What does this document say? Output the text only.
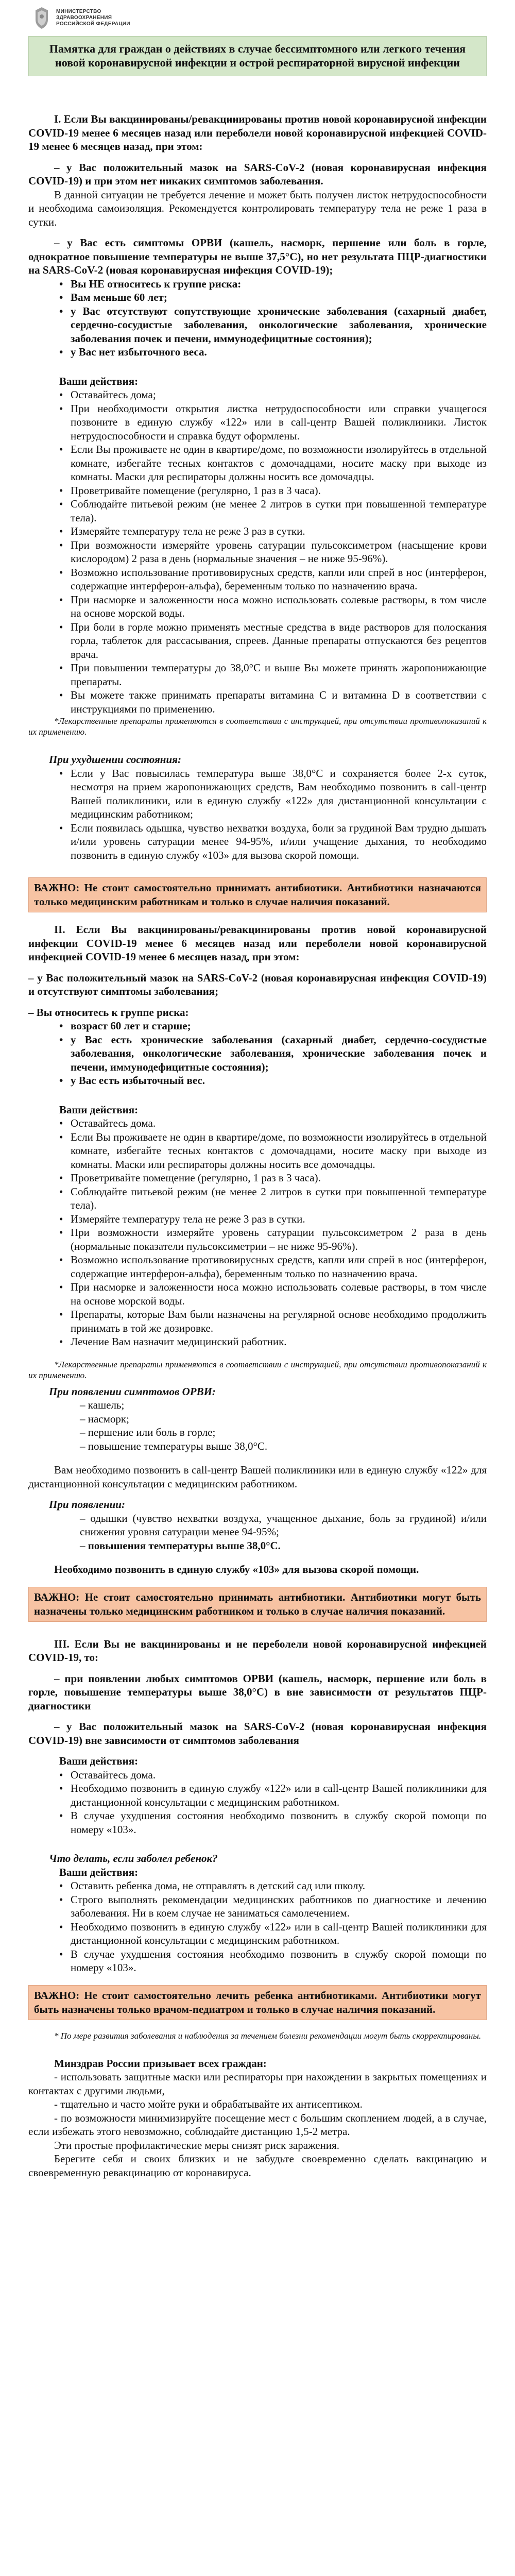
МИНИСТЕРСТВО
ЗДРАВООХРАНЕНИЯ
РОССИЙСКОЙ ФЕДЕРАЦИИ
Памятка для граждан о действиях в случае бессимптомного или легкого течения новой коронавирусной инфекции и острой респираторной вирусной инфекции

I. Если Вы вакцинированы/ревакцинированы против новой коронавирусной инфекции COVID-19 менее 6 месяцев назад или переболели новой коронавирусной инфекцией COVID-19 менее 6 месяцев назад, при этом:

– у Вас положительный мазок на SARS-CoV-2 (новая коронавирусная инфекция COVID-19) и при этом нет никаких симптомов заболевания.

В данной ситуации не требуется лечение и может быть получен листок нетрудоспособности и необходима самоизоляция. Рекомендуется контролировать температуру тела не реже 1 раза в сутки.

– у Вас есть симптомы ОРВИ (кашель, насморк, першение или боль в горле, однократное повышение температуры не выше 37,5°С), но нет результата ПЦР-диагностики на SARS-CoV-2 (новая коронавирусная инфекция COVID-19);

• Вы НЕ относитесь к группе риска:
• Вам меньше 60 лет;
• у Вас отсутствуют сопутствующие хронические заболевания (сахарный диабет, сердечно-сосудистые заболевания, онкологические заболевания, хронические заболевания почек и печени, иммунодефицитные состояния);
• у Вас нет избыточного веса.

Ваши действия:

• Оставайтесь дома;
• При необходимости открытия листка нетрудоспособности или справки учащегося позвоните в единую службу «122» или в call-центр Вашей поликлиники. Листок нетрудоспособности и справка будут оформлены.
• Если Вы проживаете не один в квартире/доме, по возможности изолируйтесь в отдельной комнате, избегайте тесных контактов с домочадцами, носите маску при выходе из комнаты. Маски для респираторы должны носить все домочадцы.
• Проветривайте помещение (регулярно, 1 раз в 3 часа).
• Соблюдайте питьевой режим (не менее 2 литров в сутки при повышенной температуре тела).
• Измеряйте температуру тела не реже 3 раз в сутки.
• При возможности измеряйте уровень сатурации пульсоксиметром (насыщение крови кислородом) 2 раза в день (нормальные значения – не ниже 95-96%).
• Возможно использование противовирусных средств, капли или спрей в нос (интерферон, содержащие интерферон-альфа), беременным только по назначению врача.
• При насморке и заложенности носа можно использовать солевые растворы, в том числе на основе морской воды.
• При боли в горле можно применять местные средства в виде растворов для полоскания горла, таблеток для рассасывания, спреев. Данные препараты отпускаются без рецептов врача.
• При повышении температуры до 38,0°С и выше Вы можете принять жаропонижающие препараты.
• Вы можете также принимать препараты витамина С и витамина D в соответствии с инструкциями по применению.

*Лекарственные препараты применяются в соответствии с инструкцией, при отсутствии противопоказаний к их применению.

При ухудшении состояния:

• Если у Вас повысилась температура выше 38,0°С и сохраняется более 2-х суток, несмотря на прием жаропонижающих средств, Вам необходимо позвонить в call-центр Вашей поликлиники, или в единую службу «122» для дистанционной консультации с медицинским работником;
• Если появилась одышка, чувство нехватки воздуха, боли за грудиной Вам трудно дышать и/или уровень сатурации менее 94-95%, и/или учащение дыхания, то необходимо позвонить в единую службу «103» для вызова скорой помощи.
ВАЖНО: Не стоит самостоятельно принимать антибиотики. Антибиотики назначаются только медицинским работникам и только в случае наличия показаний.

II. Если Вы вакцинированы/ревакцинированы против новой коронавирусной инфекции COVID-19 менее 6 месяцев назад или переболели новой коронавирусной инфекцией COVID-19 менее 6 месяцев назад, при этом:

– у Вас положительный мазок на SARS-CoV-2 (новая коронавирусная инфекция COVID-19) и отсутствуют симптомы заболевания;

– Вы относитесь к группе риска:

• возраст 60 лет и старше;
• у Вас есть хронические заболевания (сахарный диабет, сердечно-сосудистые заболевания, онкологические заболевания, хронические заболевания почек и печени, иммунодефицитные состояния);
• у Вас есть избыточный вес.

Ваши действия:

• Оставайтесь дома.
• Если Вы проживаете не один в квартире/доме, по возможности изолируйтесь в отдельной комнате, избегайте тесных контактов с домочадцами, носите маску при выходе из комнаты. Маски или респираторы должны носить все домочадцы.
• Проветривайте помещение (регулярно, 1 раз в 3 часа).
• Соблюдайте питьевой режим (не менее 2 литров в сутки при повышенной температуре тела).
• Измеряйте температуру тела не реже 3 раз в сутки.
• При возможности измеряйте уровень сатурации пульсоксиметром 2 раза в день (нормальные показатели пульсоксиметрии – не ниже 95-96%).
• Возможно использование противовирусных средств, капли или спрей в нос (интерферон, содержащие интерферон-альфа), беременным только по назначению врача.
• При насморке и заложенности носа можно использовать солевые растворы, в том числе на основе морской воды.
• Препараты, которые Вам были назначены на регулярной основе необходимо продолжить принимать в той же дозировке.
• Лечение Вам назначит медицинский работник.

*Лекарственные препараты применяются в соответствии с инструкцией, при отсутствии противопоказаний к их применению.

При появлении симптомов ОРВИ:

– кашель;
– насморк;
– першение или боль в горле;
– повышение температуры выше 38,0°С.

Вам необходимо позвонить в call-центр Вашей поликлиники или в единую службу «122» для дистанционной консультации с медицинским работником.

При появлении:

– одышки (чувство нехватки воздуха, учащенное дыхание, боль за грудиной) и/или снижения уровня сатурации менее 94-95%;
– повышения температуры выше 38,0°С.

Необходимо позвонить в единую службу «103» для вызова скорой помощи.

ВАЖНО: Не стоит самостоятельно принимать антибиотики. Антибиотики могут быть назначены только медицинским работником и только в случае наличия показаний.

III. Если Вы не вакцинированы и не переболели новой коронавирусной инфекцией COVID-19, то:

– при появлении любых симптомов ОРВИ (кашель, насморк, першение или боль в горле, повышение температуры выше 38,0°С) в вне зависимости от результатов ПЦР-диагностики

– у Вас положительный мазок на SARS-CoV-2 (новая коронавирусная инфекция COVID-19) вне зависимости от симптомов заболевания

Ваши действия:

• Оставайтесь дома.
• Необходимо позвонить в единую службу «122» или в call-центр Вашей поликлиники для дистанционной консультации с медицинским работником.
• В случае ухудшения состояния необходимо позвонить в службу скорой помощи по номеру «103».

Что делать, если заболел ребенок?

Ваши действия:

• Оставить ребенка дома, не отправлять в детский сад или школу.
• Строго выполнять рекомендации медицинских работников по диагностике и лечению заболевания. Ни в коем случае не заниматься самолечением.
• Необходимо позвонить в единую службу «122» или в call-центр Вашей поликлиники для дистанционной консультации с медицинским работником.
• В случае ухудшения состояния необходимо позвонить в службу скорой помощи по номеру «103».
ВАЖНО: Не стоит самостоятельно лечить ребенка антибиотиками. Антибиотики могут быть назначены только врачом-педиатром и только в случае наличия показаний.

* По мере развития заболевания и наблюдения за течением болезни рекомендации могут быть скорректированы.

Минздрав России призывает всех граждан:

- использовать защитные маски или респираторы при нахождении в закрытых помещениях и контактах с другими людьми,

- тщательно и часто мойте руки и обрабатывайте их антисептиком.

- по возможности минимизируйте посещение мест с большим скоплением людей, а в случае, если избежать этого невозможно, соблюдайте дистанцию 1,5-2 метра.

Эти простые профилактические меры снизят риск заражения.

Берегите себя и своих близких и не забудьте своевременно сделать вакцинацию и своевременную ревакцинацию от коронавируса.
